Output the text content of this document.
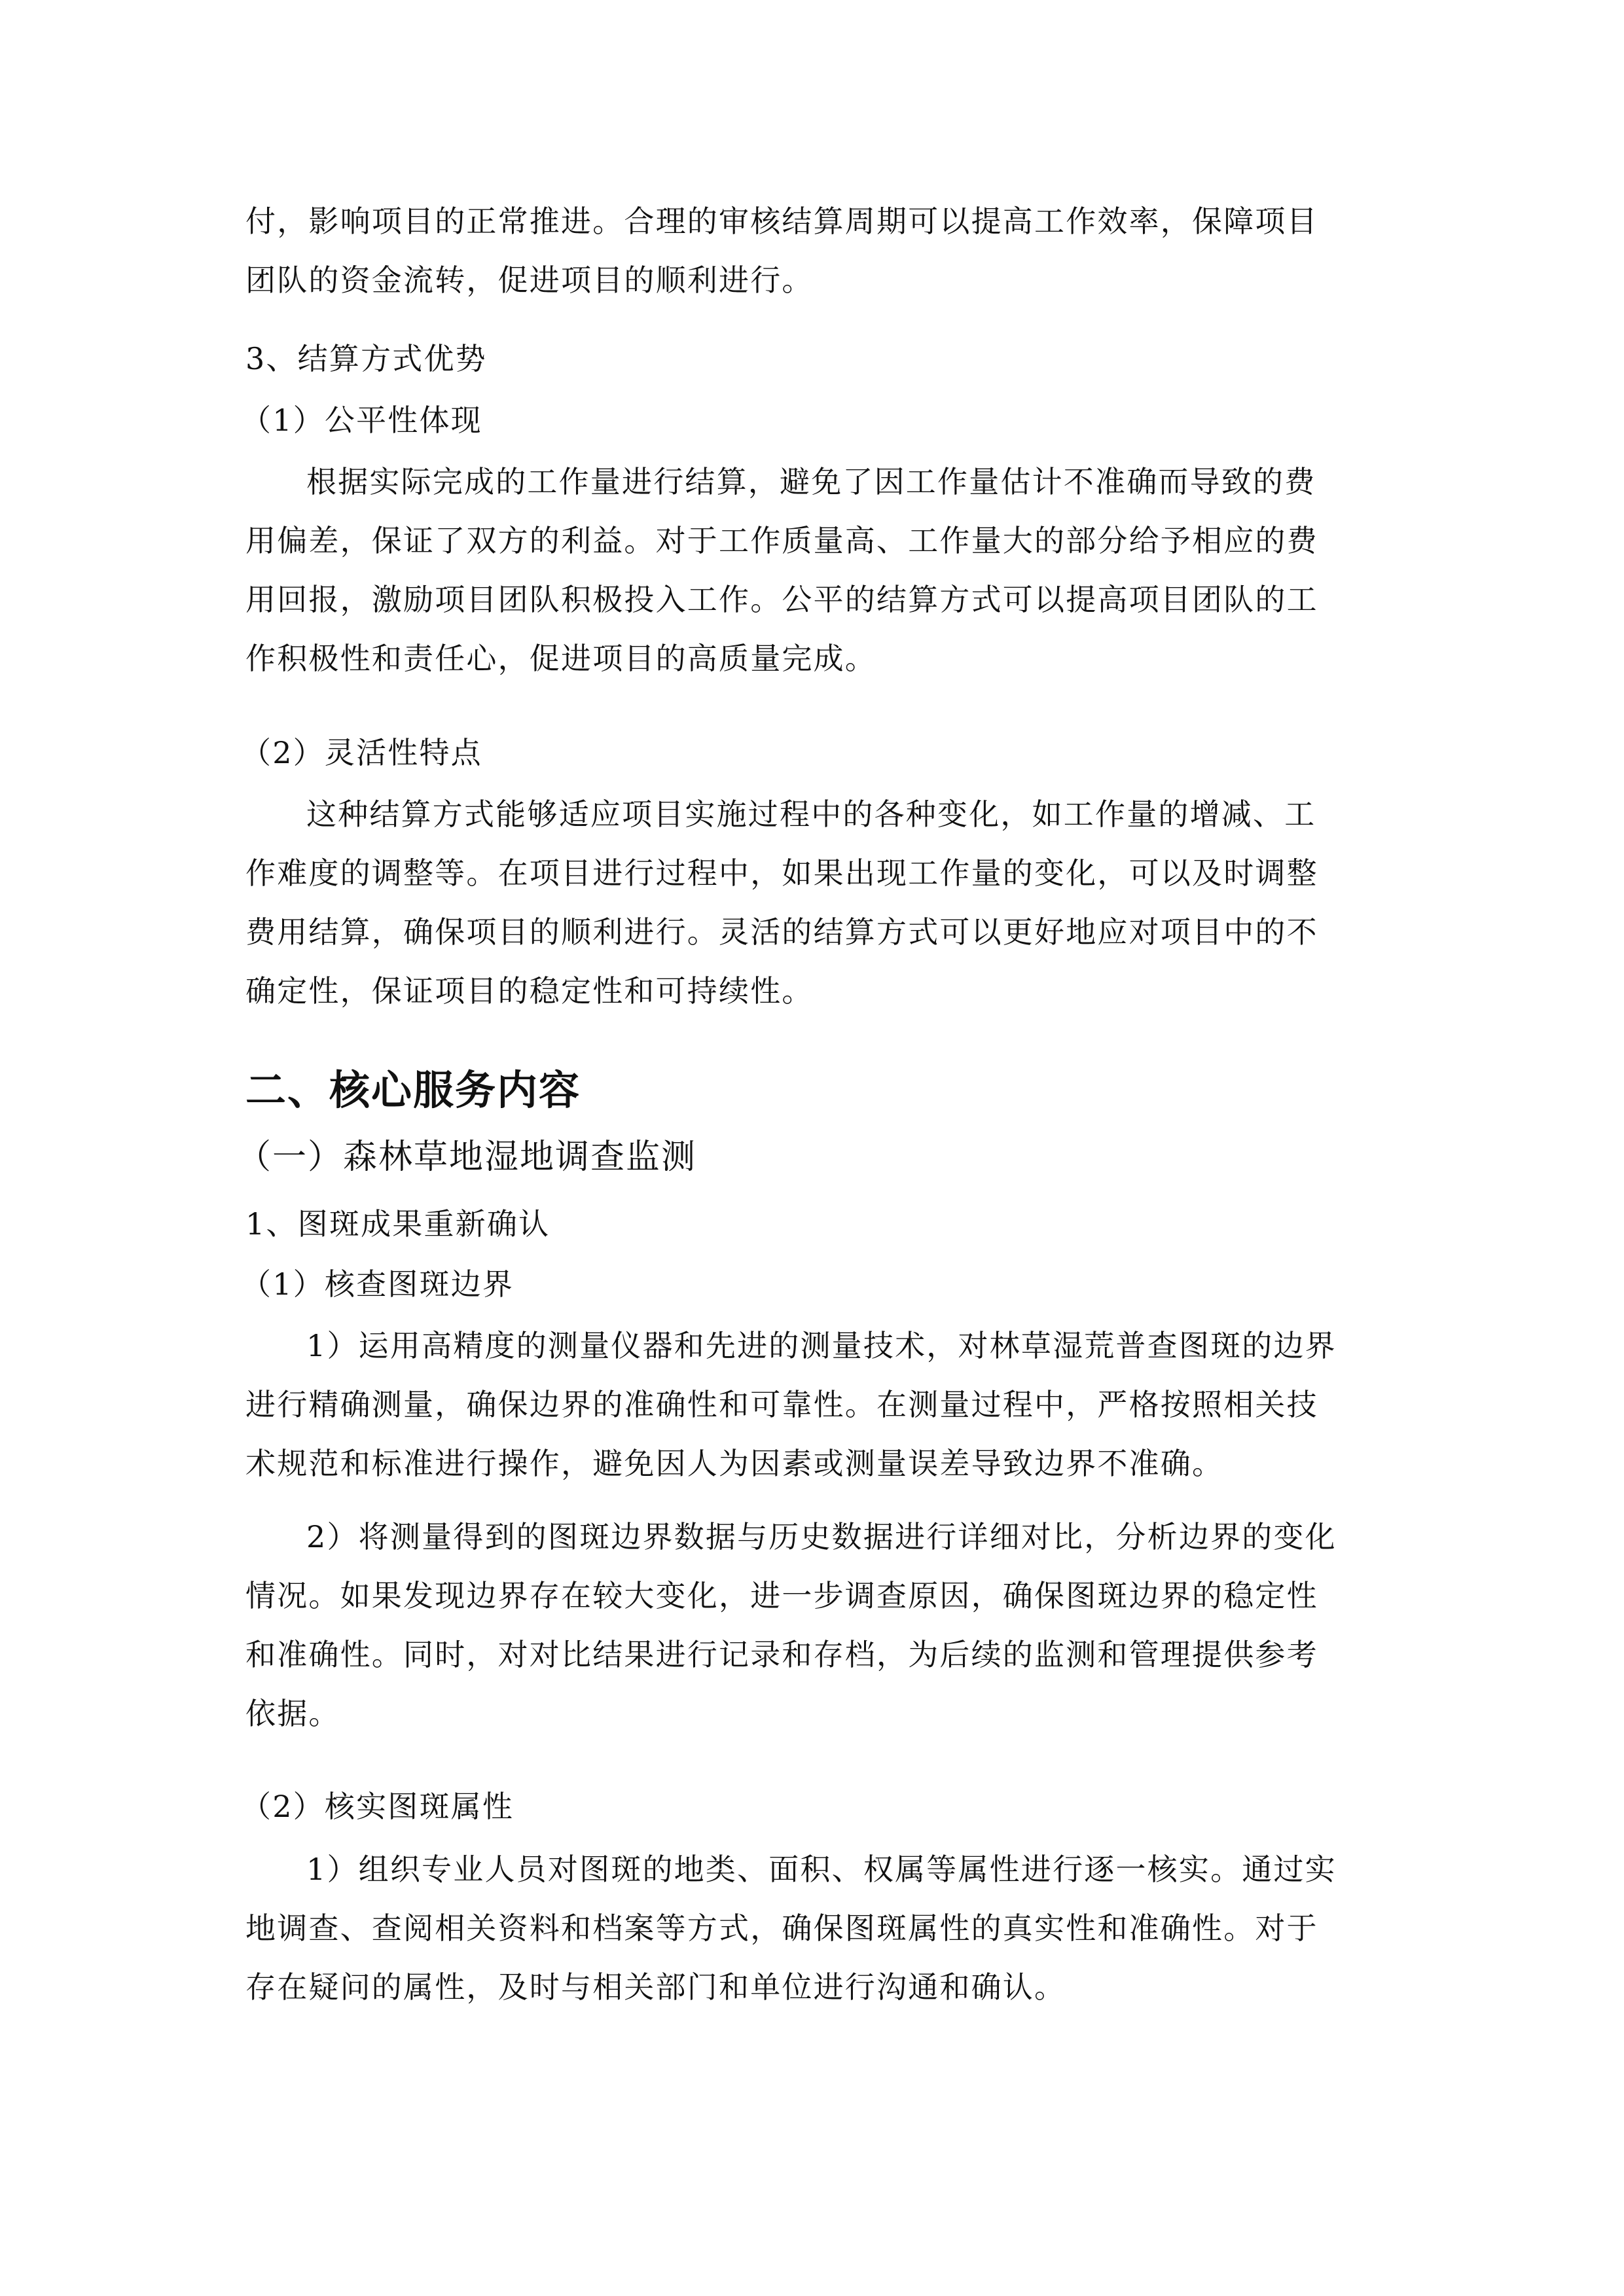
付，影响项目的正常推进。合理的审核结算周期可以提高工作效率，保障项目
团队的资金流转，促进项目的顺利进行。
3、结算方式优势
（1）公平性体现
根据实际完成的工作量进行结算，避免了因工作量估计不准确而导致的费
用偏差，保证了双方的利益。对于工作质量高、工作量大的部分给予相应的费
用回报，激励项目团队积极投入工作。公平的结算方式可以提高项目团队的工
作积极性和责任心，促进项目的高质量完成。
（2）灵活性特点
这种结算方式能够适应项目实施过程中的各种变化，如工作量的增减、工
作难度的调整等。在项目进行过程中，如果出现工作量的变化，可以及时调整
费用结算，确保项目的顺利进行。灵活的结算方式可以更好地应对项目中的不
确定性，保证项目的稳定性和可持续性。
二、核心服务内容
（一）森林草地湿地调查监测
1、图斑成果重新确认
（1）核查图斑边界
1）运用高精度的测量仪器和先进的测量技术，对林草湿荒普查图斑的边界
进行精确测量，确保边界的准确性和可靠性。在测量过程中，严格按照相关技
术规范和标准进行操作，避免因人为因素或测量误差导致边界不准确。
2）将测量得到的图斑边界数据与历史数据进行详细对比，分析边界的变化
情况。如果发现边界存在较大变化，进一步调查原因，确保图斑边界的稳定性
和准确性。同时，对对比结果进行记录和存档，为后续的监测和管理提供参考
依据。
（2）核实图斑属性
1）组织专业人员对图斑的地类、面积、权属等属性进行逐一核实。通过实
地调查、查阅相关资料和档案等方式，确保图斑属性的真实性和准确性。对于
存在疑问的属性，及时与相关部门和单位进行沟通和确认。
